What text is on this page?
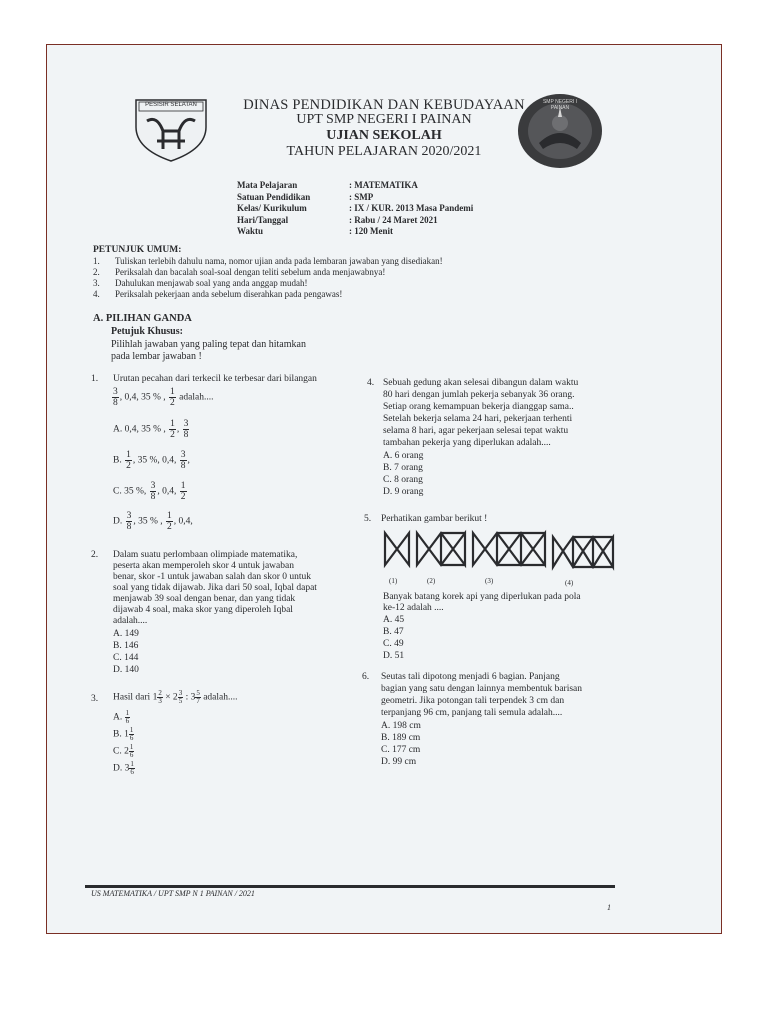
PESISIR SELATAN	SMP NEGERI I PAINAN
DINAS PENDIDIKAN DAN KEBUDAYAAN
UPT SMP NEGERI I PAINAN
UJIAN SEKOLAH
TAHUN PELAJARAN 2020/2021
Mata Pelajaran	: MATEMATIKA
Satuan Pendidikan	: SMP
Kelas/ Kurikulum	: IX / KUR. 2013 Masa Pandemi
Hari/Tanggal	: Rabu / 24 Maret 2021
Waktu	: 120 Menit
PETUNJUK UMUM:
1. Tuliskan terlebih dahulu nama, nomor ujian anda pada lembaran jawaban yang disediakan!
2. Periksalah dan bacalah soal-soal dengan teliti sebelum anda menjawabnya!
3. Dahulukan menjawab soal yang anda anggap mudah!
4. Periksalah pekerjaan anda sebelum diserahkan pada pengawas!
A. PILIHAN GANDA
Petujuk Khusus:
Pilihlah jawaban yang paling tepat dan hitamkan
pada lembar jawaban !
1. Urutan pecahan dari terkecil ke terbesar dari bilangan
$\frac{3}{8}$ , 0,4, 35 % , $\frac{1}{2}$ adalah....
A. 0,4, 35 % , $\frac{1}{2}$ , $\frac{3}{8}$
B. $\frac{1}{2}$ , 35 %, 0,4, $\frac{3}{8}$ ,
C. 35 %, $\frac{3}{8}$ , 0,4, $\frac{1}{2}$
D. $\frac{3}{8}$ , 35 % , $\frac{1}{2}$ , 0,4,
2. Dalam suatu perlombaan olimpiade matematika,
peserta akan memperoleh skor 4 untuk jawaban
benar, skor -1 untuk jawaban salah dan skor 0 untuk
soal yang tidak dijawab. Jika dari 50 soal, Iqbal dapat
menjawab 39 soal dengan benar, dan yang tidak
dijawab 4 soal, maka skor yang diperoleh Iqbal
adalah....
A. 149
B. 146
C. 144
D. 140
3. Hasil dari $1 \frac{2}{3} \times 2 \frac{3}{5}$ : $3 \frac{5}{7}$ adalah....
A. $\frac{1}{6}$
B. $1 \frac{1}{6}$
C. $2 \frac{1}{6}$
D. $3 \frac{1}{6}$
4. Sebuah gedung akan selesai dibangun dalam waktu
80 hari dengan jumlah pekerja sebanyak 36 orang.
Setiap orang kemampuan bekerja dianggap sama..
Setelah bekerja selama 24 hari, pekerjaan terhenti
selama 8 hari, agar pekerjaan selesai tepat waktu
tambahan pekerja yang diperlukan adalah....
A. 6 orang
B. 7 orang
C. 8 orang
D. 9 orang
5. Perhatikan gambar berikut !
(1)	(2)	(3)	(4)
Banyak batang korek api yang diperlukan pada pola
ke-12 adalah ....
A. 45
B. 47
C. 49
D. 51
6. Seutas tali dipotong menjadi 6 bagian. Panjang
bagian yang satu dengan lainnya membentuk barisan
geometri. Jika potongan tali terpendek 3 cm dan
terpanjang 96 cm, panjang tali semula adalah....
A. 198 cm
B. 189 cm
C. 177 cm
D. 99 cm
US MATEMATIKA / UPT SMP N 1 PAINAN / 2021
1
